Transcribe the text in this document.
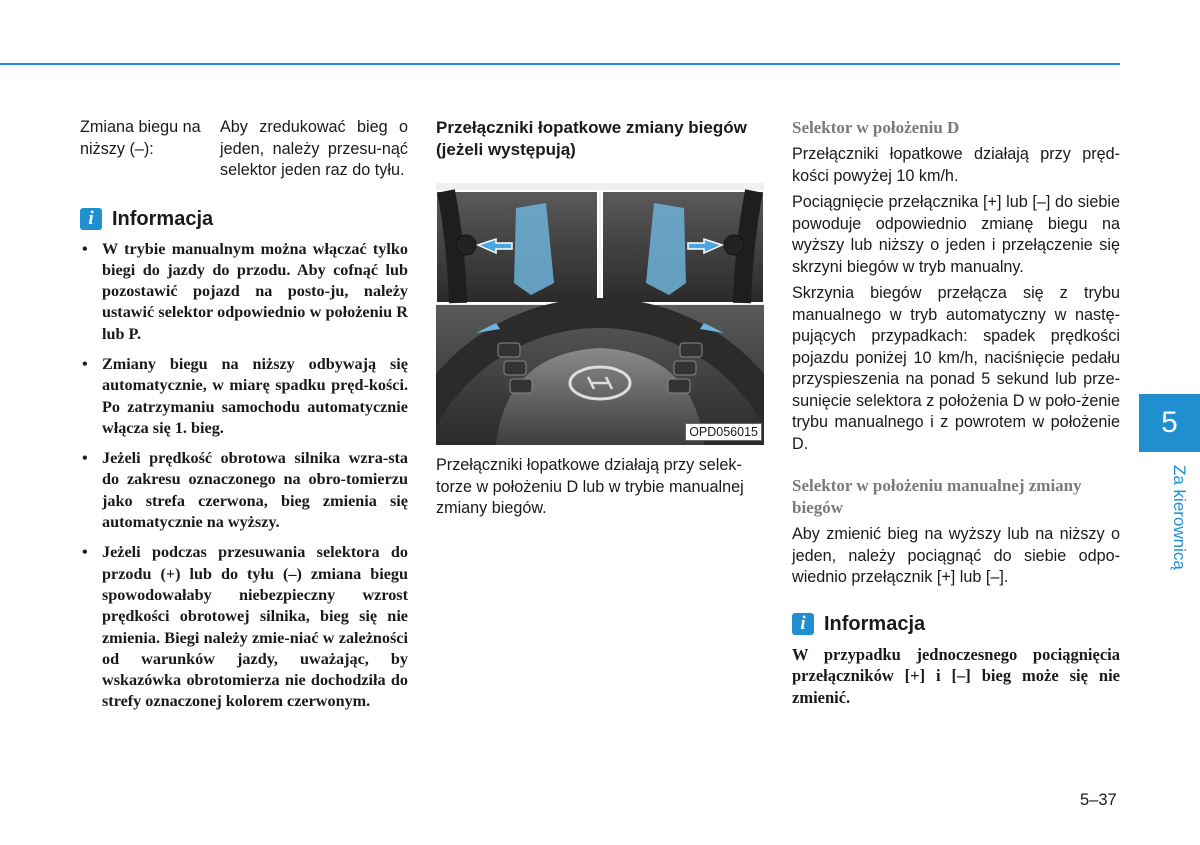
Zmiana biegu na niższy (–):
Aby zredukować bieg o jeden, należy przesu-nąć selektor jeden raz do tyłu.
i Informacja
• W trybie manualnym można włączać tylko biegi do jazdy do przodu. Aby cofnąć lub pozostawić pojazd na posto-ju, należy ustawić selektor odpowiednio w położeniu R lub P.
• Zmiany biegu na niższy odbywają się automatycznie, w miarę spadku pręd-kości. Po zatrzymaniu samochodu automatycznie włącza się 1. bieg.
• Jeżeli prędkość obrotowa silnika wzra-sta do zakresu oznaczonego na obro-tomierzu jako strefa czerwona, bieg zmienia się automatycznie na wyższy.
• Jeżeli podczas przesuwania selektora do przodu (+) lub do tyłu (–) zmiana biegu spowodowałaby niebezpieczny wzrost prędkości obrotowej silnika, bieg się nie zmienia. Biegi należy zmie-niać w zależności od warunków jazdy, uważając, by wskazówka obrotomierza nie dochodziła do strefy oznaczonej kolorem czerwonym.
Przełączniki łopatkowe zmiany biegów (jeżeli występują)
OPD056015
Przełączniki łopatkowe działają przy selek-torze w położeniu D lub w trybie manualnej zmiany biegów.
Selektor w położeniu D
Przełączniki łopatkowe działają przy pręd-kości powyżej 10 km/h.
Pociągnięcie przełącznika [+] lub [–] do siebie powoduje odpowiednio zmianę biegu na wyższy lub niższy o jeden i przełączenie się skrzyni biegów w tryb manualny.
Skrzynia biegów przełącza się z trybu manualnego w tryb automatyczny w nastę-pujących przypadkach: spadek prędkości pojazdu poniżej 10 km/h, naciśnięcie pedału przyspieszenia na ponad 5 sekund lub prze-sunięcie selektora z położenia D w poło-żenie trybu manualnego i z powrotem w położenie D.
Selektor w położeniu manualnej zmiany biegów
Aby zmienić bieg na wyższy lub na niższy o jeden, należy pociągnąć do siebie odpo-wiednio przełącznik [+] lub [–].
i Informacja
W przypadku jednoczesnego pociągnięcia przełączników [+] i [–] bieg może się nie zmienić.
5
Za kierownicą
5–37
